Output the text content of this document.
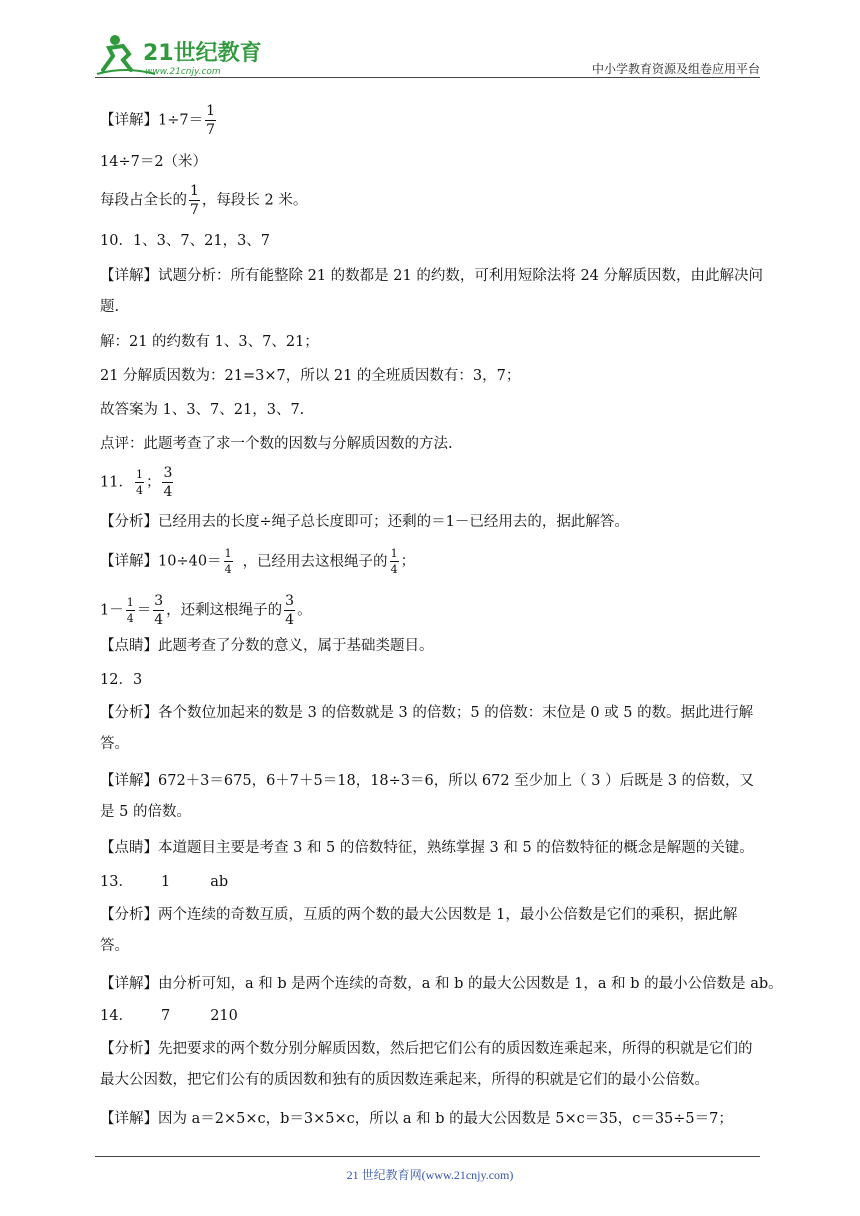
21世纪教育
www.21cnjy.com	中小学教育资源及组卷应用平台
【详解】$1\div 7= \frac{1}{7}$
14÷7＝2（米）
每段占全长的 $\frac{1}{7}$ ，每段长 2 米。
10．1、3、7、21，3、7
【详解】试题分析：所有能整除 21 的数都是 21 的约数，可利用短除法将 24 分解质因数，由此解决问题.
解：21 的约数有 1、3、7、21；
21 分解质因数为：21=3×7，所以 21 的全班质因数有：3，7；
故答案为 1、3、7、21，3、7.
点评：此题考查了求一个数的因数与分解质因数的方法.
11． $\frac{1}{4}$ ； $\frac{3}{4}$
【分析】已经用去的长度÷绳子总长度即可；还剩的＝1－已经用去的，据此解答。
【详解】$10\div 40= \frac{1}{4}$ ，已经用去这根绳子的 $\frac{1}{4}$ ；
$1- \frac{1}{4} = \frac{3}{4}$ ，还剩这根绳子的 $\frac{3}{4}$ 。
【点睛】此题考查了分数的意义，属于基础类题目。
12．3
【分析】各个数位加起来的数是 3 的倍数就是 3 的倍数；5 的倍数：末位是 0 或 5 的数。据此进行解答。
【详解】672＋3＝675，6＋7＋5＝18，18÷3＝6，所以 672 至少加上（ 3 ）后既是 3 的倍数，又是 5 的倍数。
【点睛】本道题目主要是考查 3 和 5 的倍数特征，熟练掌握 3 和 5 的倍数特征的概念是解题的关键。
13． 1	ab
【分析】两个连续的奇数互质，互质的两个数的最大公因数是 1，最小公倍数是它们的乘积，据此解答。
【详解】由分析可知，a 和 b 是两个连续的奇数，a 和 b 的最大公因数是 1，a 和 b 的最小公倍数是 ab。
14． 7	210
【分析】先把要求的两个数分别分解质因数，然后把它们公有的质因数连乘起来，所得的积就是它们的最大公因数，把它们公有的质因数和独有的质因数连乘起来，所得的积就是它们的最小公倍数。
【详解】因为 a＝2×5×c，b＝3×5×c，所以 a 和 b 的最大公因数是 5×c＝35，c＝35÷5＝7；
21 世纪教育网(www.21cnjy.com)
